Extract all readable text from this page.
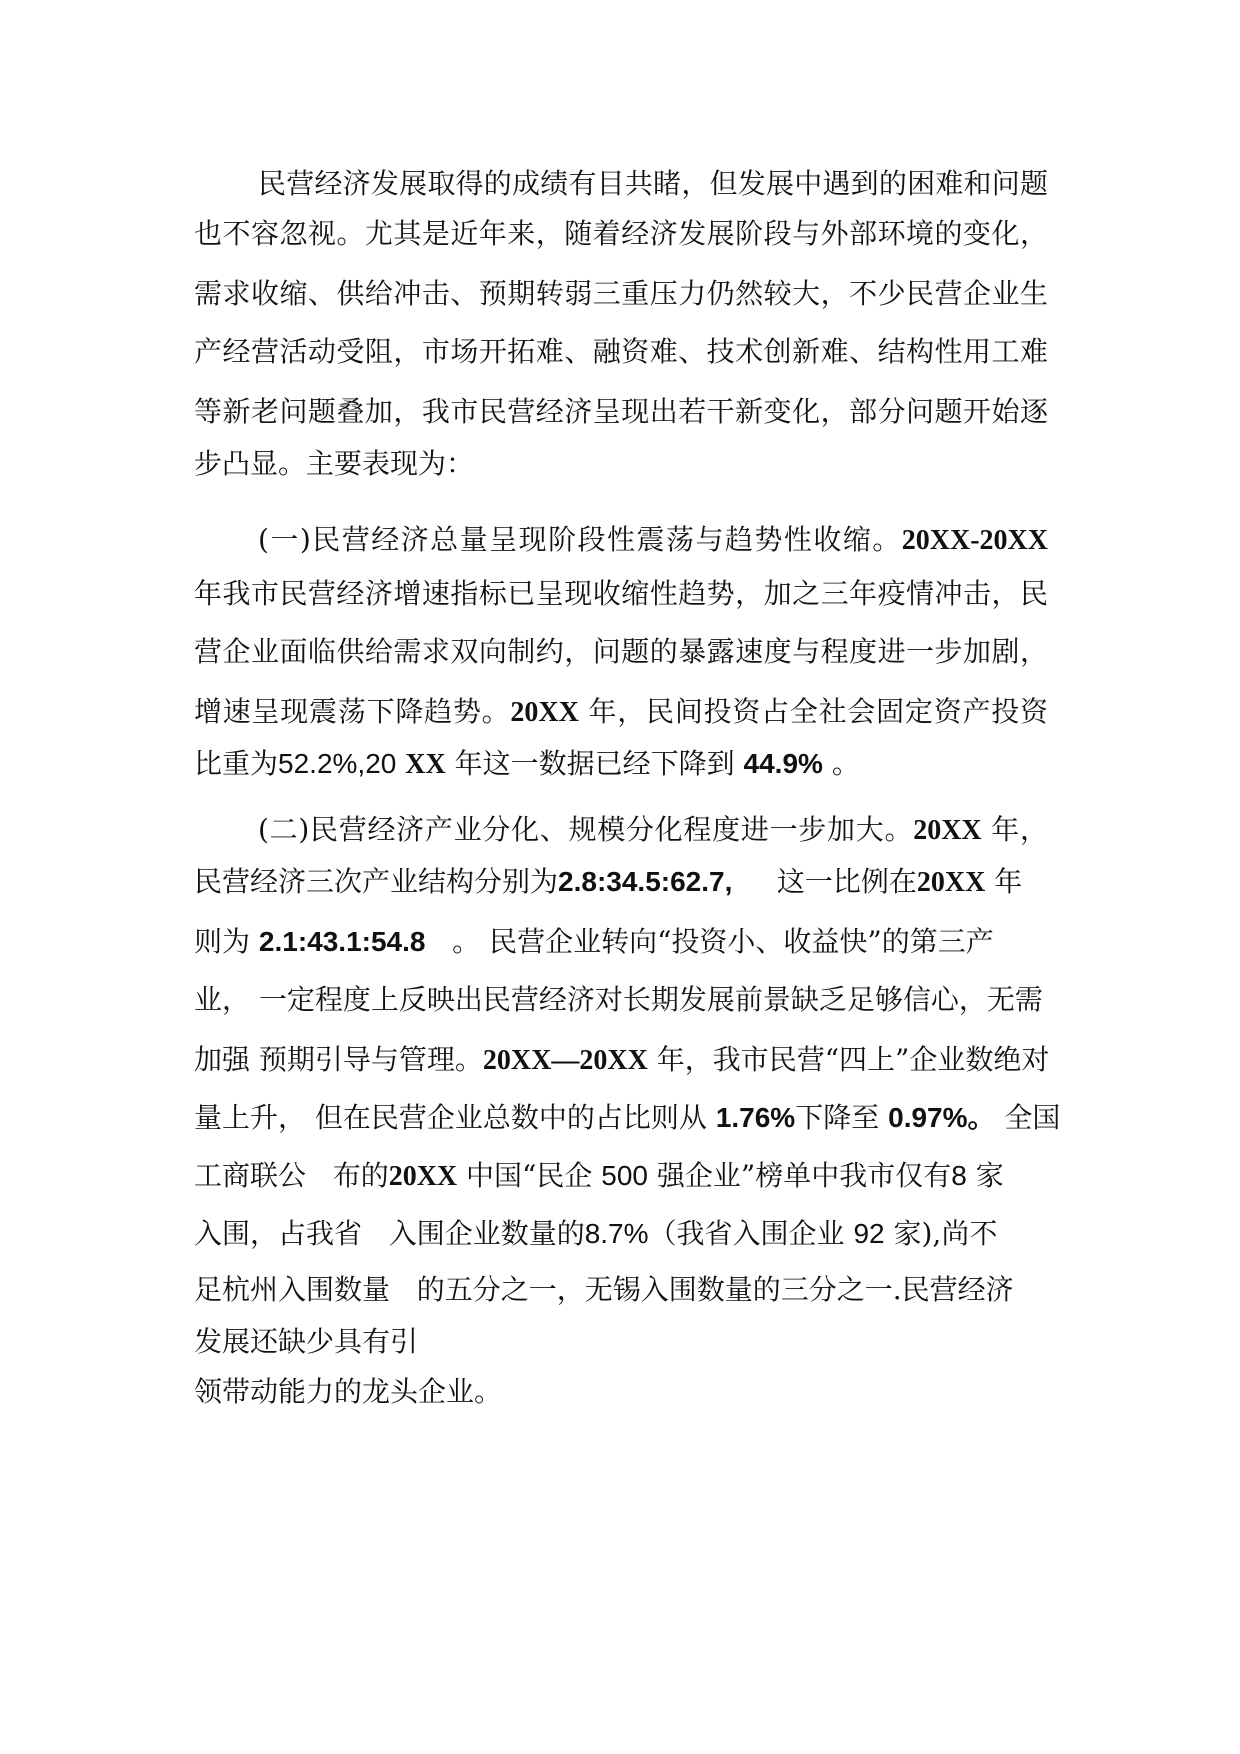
民营经济发展取得的成绩有目共睹，但发展中遇到的困难和问题
也不容忽视。尤其是近年来，随着经济发展阶段与外部环境的变化，
需求收缩、供给冲击、预期转弱三重压力仍然较大，不少民营企业生
产经营活动受阻，市场开拓难、融资难、技术创新难、结构性用工难
等新老问题叠加，我市民营经济呈现出若干新变化，部分问题开始逐
步凸显。主要表现为：
(一)民营经济总量呈现阶段性震荡与趋势性收缩。20XX-20XX
年我市民营经济增速指标已呈现收缩性趋势，加之三年疫情冲击，民
营企业面临供给需求双向制约，问题的暴露速度与程度进一步加剧，
增速呈现震荡下降趋势。20XX 年，民间投资占全社会固定资产投资
比重为52.2%,20 XX 年这一数据已经下降到 44.9% 。
(二)民营经济产业分化、规模分化程度进一步加大。20XX 年，
民营经济三次产业结构分别为2.8:34.5:62.7,     这一比例在20XX 年
则为 2.1:43.1:54.8   。 民营企业转向“投资小、收益快”的第三产
业， 一定程度上反映出民营经济对长期发展前景缺乏足够信心，无需
加强 预期引导与管理。20XX—20XX 年，我市民营“四上”企业数绝对
量上升， 但在民营企业总数中的占比则从 1.76%下降至 0.97%。 全国
工商联公   布的20XX 中国“民企 500 强企业”榜单中我市仅有8 家
入围，占我省   入围企业数量的8.7%（我省入围企业 92 家),尚不
足杭州入围数量   的五分之一，无锡入围数量的三分之一.民营经济
发展还缺少具有引
领带动能力的龙头企业。
